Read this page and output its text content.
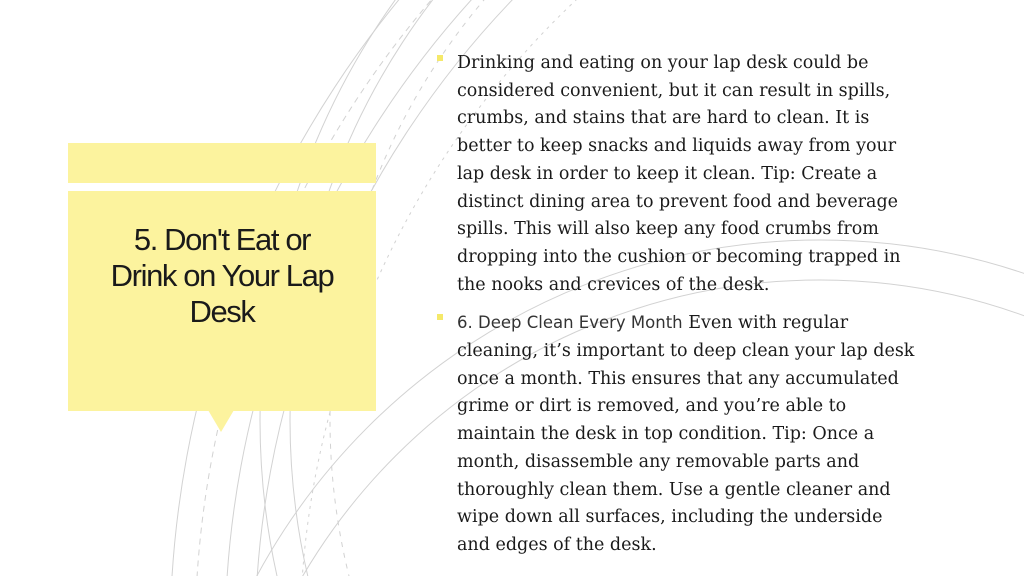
5. Don't Eat or
Drink on Your Lap
Desk
Drinking and eating on your lap desk could be
considered convenient, but it can result in spills,
crumbs, and stains that are hard to clean. It is
better to keep snacks and liquids away from your
lap desk in order to keep it clean. Tip: Create a
distinct dining area to prevent food and beverage
spills. This will also keep any food crumbs from
dropping into the cushion or becoming trapped in
the nooks and crevices of the desk.
6. Deep Clean Every Month Even with regular
cleaning, it’s important to deep clean your lap desk
once a month. This ensures that any accumulated
grime or dirt is removed, and you’re able to
maintain the desk in top condition. Tip: Once a
month, disassemble any removable parts and
thoroughly clean them. Use a gentle cleaner and
wipe down all surfaces, including the underside
and edges of the desk.
